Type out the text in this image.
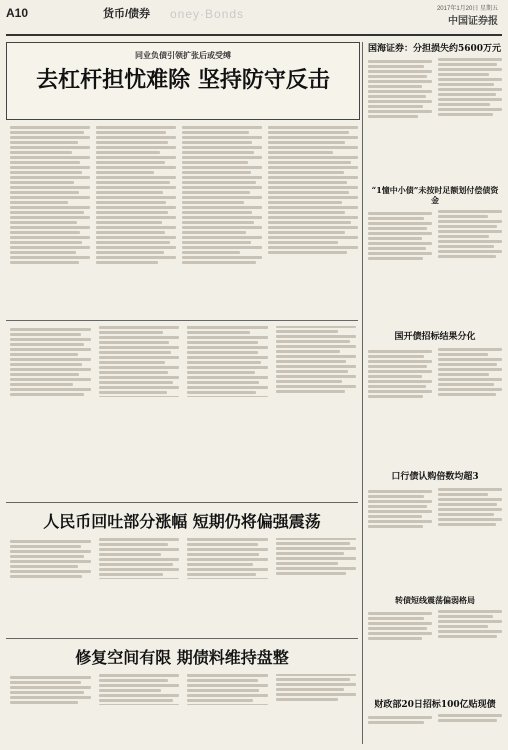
A10	货币/债券 oney·Bonds	2017年1月20日 星期五
中国证券报
同业负债引领扩张后或受缚
去杠杆担忧难除 坚持防守反击
人民币回吐部分涨幅 短期仍将偏强震荡
修复空间有限 期债料维持盘整
国海证券：分担损失约5600万元
“1憧中小债”未按时足额划付偿债资金
国开债招标结果分化
口行债认购倍数均超3
转债短线震荡偏弱格局
财政部20日招标100亿贴现债
